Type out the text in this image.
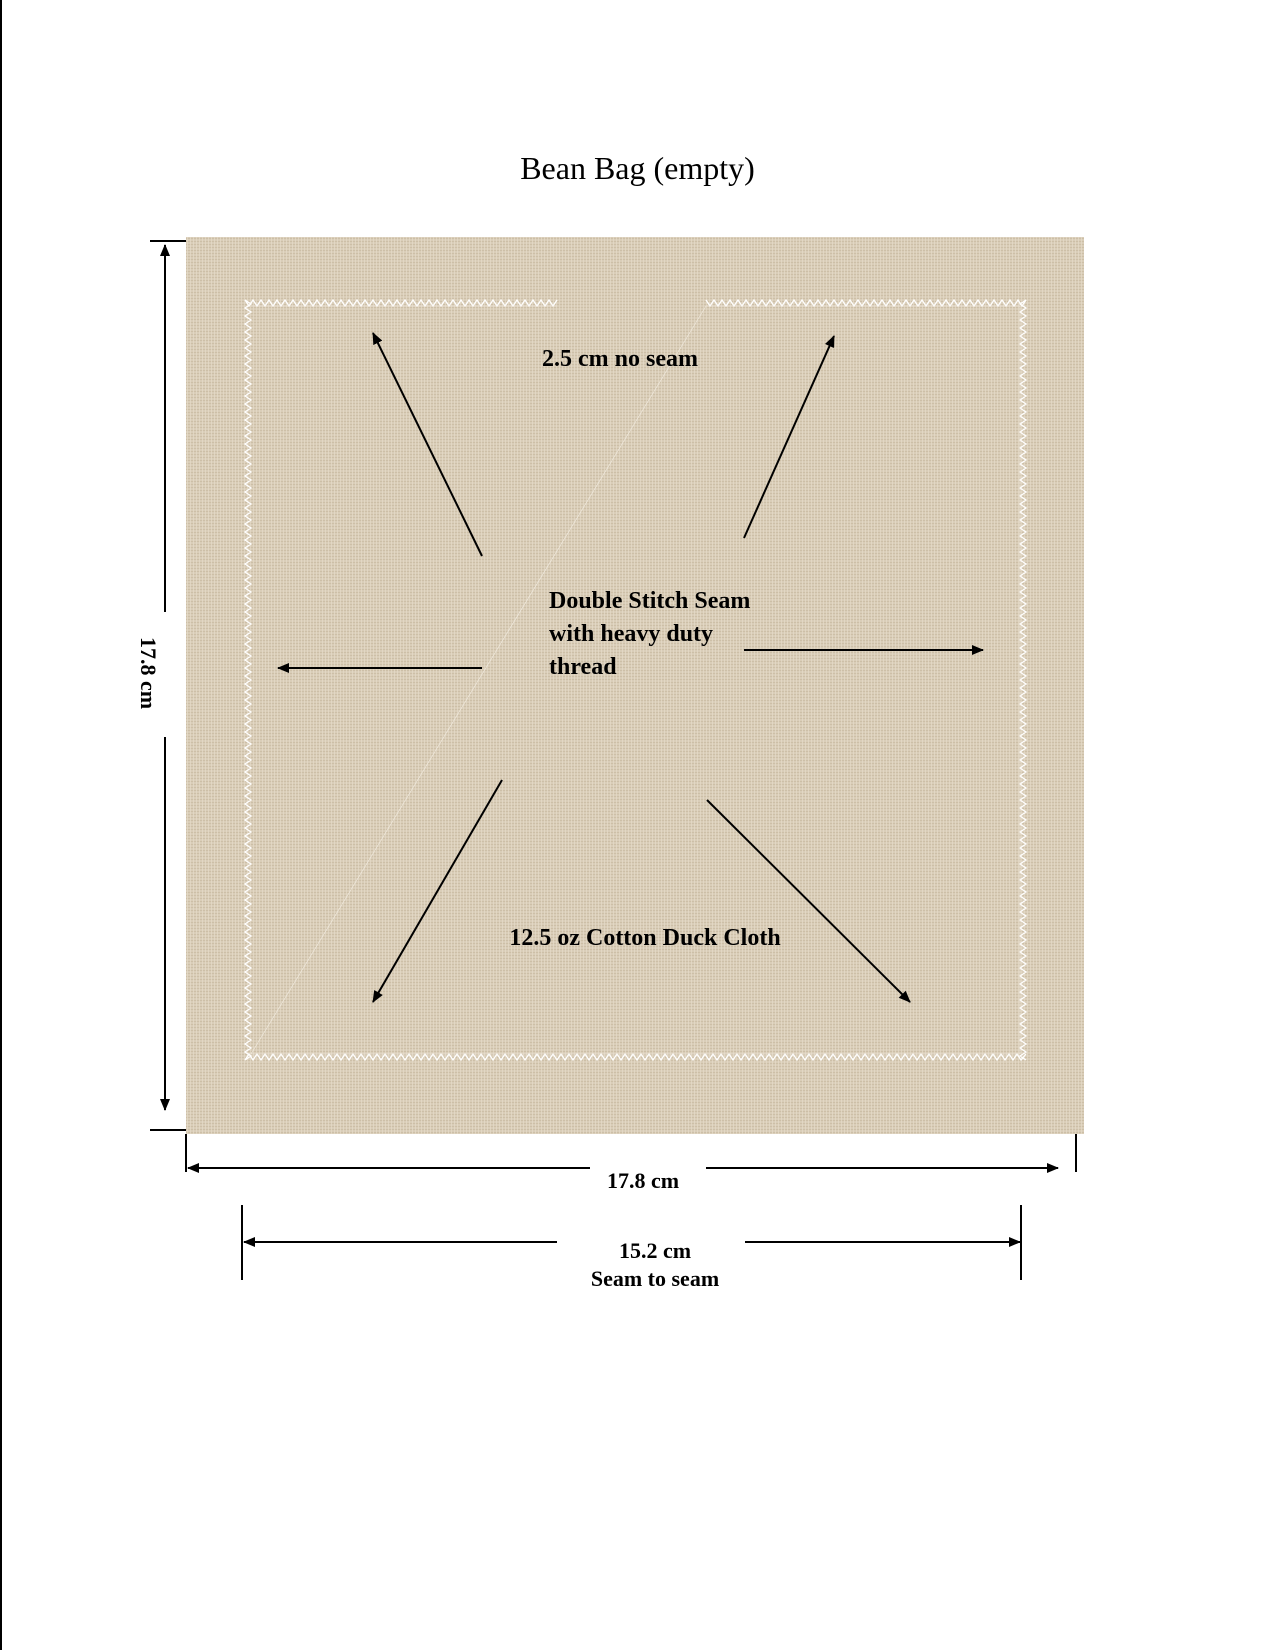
Bean Bag (empty)
2.5 cm no seam
Double Stitch Seam with heavy duty thread
12.5 oz Cotton Duck Cloth
17.8 cm
17.8 cm
15.2 cm
Seam to seam
